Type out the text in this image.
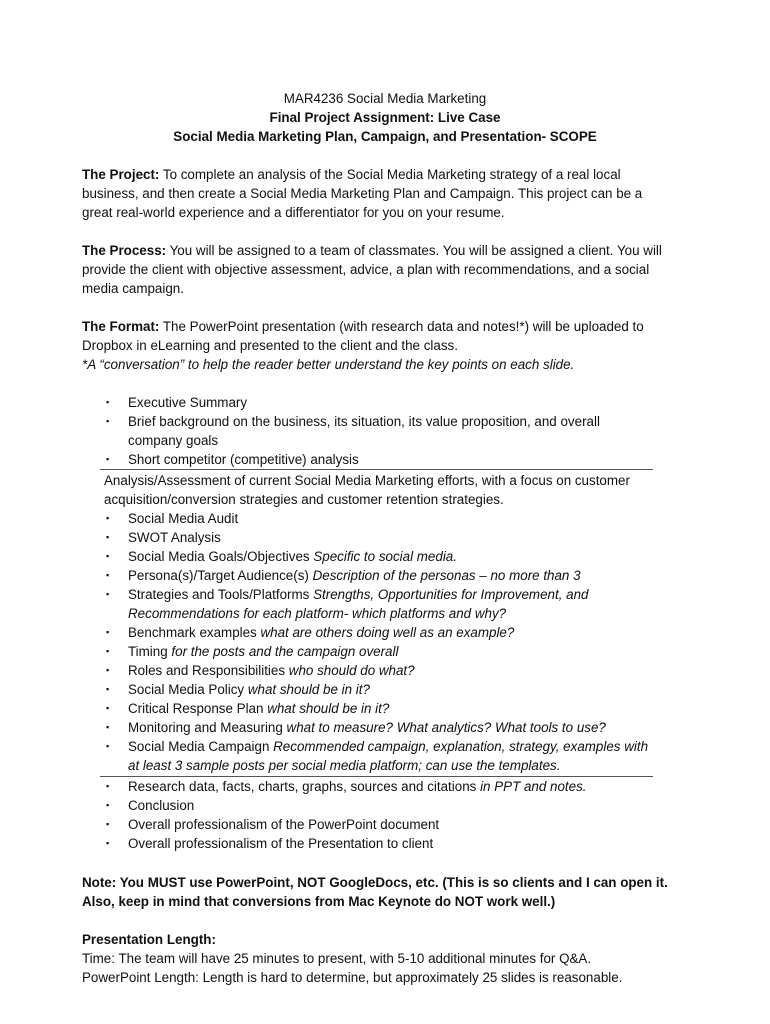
MAR4236 Social Media Marketing
Final Project Assignment: Live Case
Social Media Marketing Plan, Campaign, and Presentation- SCOPE
The Project: To complete an analysis of the Social Media Marketing strategy of a real local
business, and then create a Social Media Marketing Plan and Campaign. This project can be a
great real-world experience and a differentiator for you on your resume.
The Process: You will be assigned to a team of classmates. You will be assigned a client. You will
provide the client with objective assessment, advice, a plan with recommendations, and a social
media campaign.
The Format: The PowerPoint presentation (with research data and notes!*) will be uploaded to
Dropbox in eLearning and presented to the client and the class.
*A “conversation” to help the reader better understand the key points on each slide.
▪ Executive Summary
▪ Brief background on the business, its situation, its value proposition, and overall
company goals
▪ Short competitor (competitive) analysis
Analysis/Assessment of current Social Media Marketing efforts, with a focus on customer
acquisition/conversion strategies and customer retention strategies.
▪ Social Media Audit
▪ SWOT Analysis
▪ Social Media Goals/Objectives Specific to social media.
▪ Persona(s)/Target Audience(s) Description of the personas – no more than 3
▪ Strategies and Tools/Platforms Strengths, Opportunities for Improvement, and
Recommendations for each platform- which platforms and why?
▪ Benchmark examples what are others doing well as an example?
▪ Timing for the posts and the campaign overall
▪ Roles and Responsibilities who should do what?
▪ Social Media Policy what should be in it?
▪ Critical Response Plan what should be in it?
▪ Monitoring and Measuring what to measure? What analytics? What tools to use?
▪ Social Media Campaign Recommended campaign, explanation, strategy, examples with
at least 3 sample posts per social media platform; can use the templates.
▪ Research data, facts, charts, graphs, sources and citations in PPT and notes.
▪ Conclusion
▪ Overall professionalism of the PowerPoint document
▪ Overall professionalism of the Presentation to client
Note: You MUST use PowerPoint, NOT GoogleDocs, etc. (This is so clients and I can open it.
Also, keep in mind that conversions from Mac Keynote do NOT work well.)
Presentation Length:
Time: The team will have 25 minutes to present, with 5-10 additional minutes for Q&A.
PowerPoint Length: Length is hard to determine, but approximately 25 slides is reasonable.
